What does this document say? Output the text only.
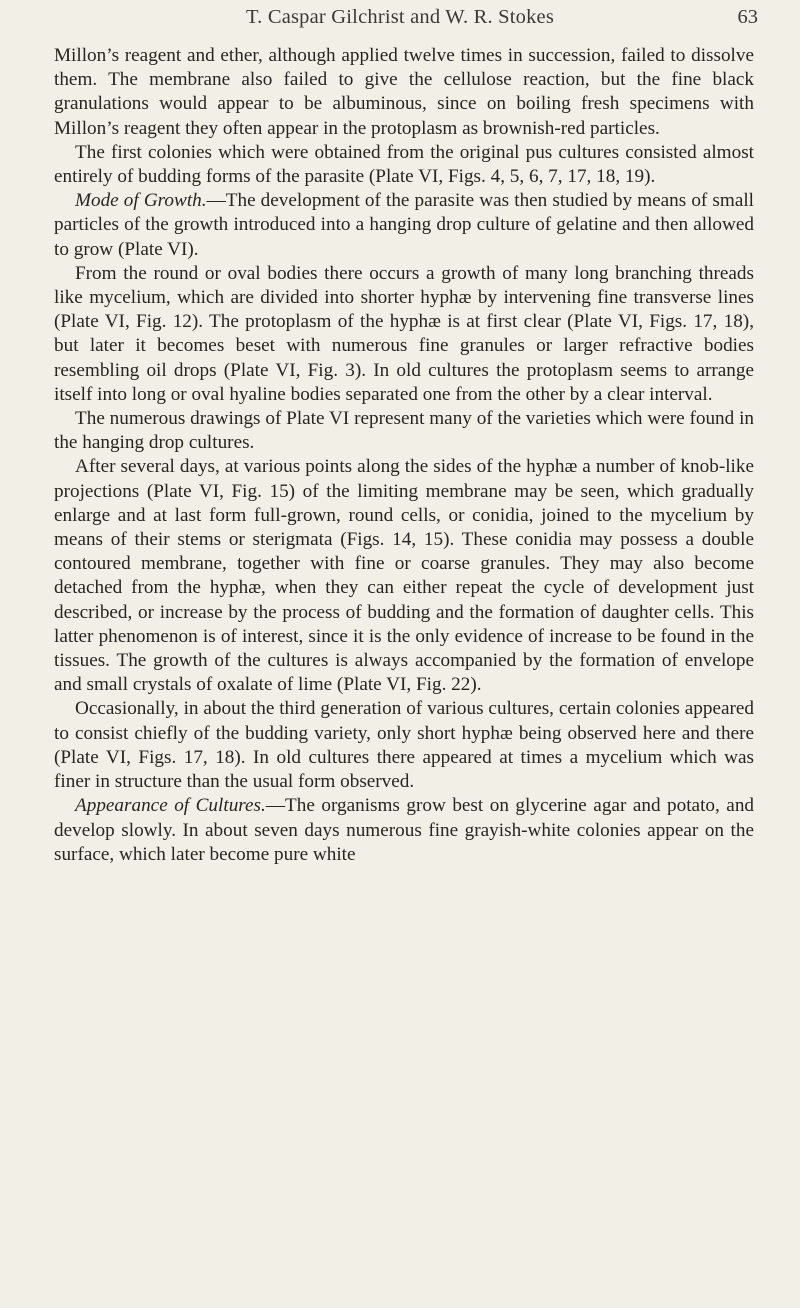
T. Caspar Gilchrist and W. R. Stokes	63

Millon’s reagent and ether, although applied twelve times in succession, failed to dissolve them. The membrane also failed to give the cellulose reaction, but the fine black granulations would appear to be albuminous, since on boiling fresh specimens with Millon’s reagent they often appear in the protoplasm as brownish-red particles.

The first colonies which were obtained from the original pus cultures consisted almost entirely of budding forms of the parasite (Plate VI, Figs. 4, 5, 6, 7, 17, 18, 19).

Mode of Growth.—The development of the parasite was then studied by means of small particles of the growth introduced into a hanging drop culture of gelatine and then allowed to grow (Plate VI).

From the round or oval bodies there occurs a growth of many long branching threads like mycelium, which are divided into shorter hyphæ by intervening fine transverse lines (Plate VI, Fig. 12). The protoplasm of the hyphæ is at first clear (Plate VI, Figs. 17, 18), but later it becomes beset with numerous fine granules or larger refractive bodies resembling oil drops (Plate VI, Fig. 3). In old cultures the protoplasm seems to arrange itself into long or oval hyaline bodies separated one from the other by a clear interval.

The numerous drawings of Plate VI represent many of the varieties which were found in the hanging drop cultures.

After several days, at various points along the sides of the hyphæ a number of knob-like projections (Plate VI, Fig. 15) of the limiting membrane may be seen, which gradually enlarge and at last form full-grown, round cells, or conidia, joined to the mycelium by means of their stems or sterigmata (Figs. 14, 15). These conidia may possess a double contoured membrane, together with fine or coarse granules. They may also become detached from the hyphæ, when they can either repeat the cycle of development just described, or increase by the process of budding and the formation of daughter cells. This latter phenomenon is of interest, since it is the only evidence of increase to be found in the tissues. The growth of the cultures is always accompanied by the formation of envelope and small crystals of oxalate of lime (Plate VI, Fig. 22).

Occasionally, in about the third generation of various cultures, certain colonies appeared to consist chiefly of the budding variety, only short hyphæ being observed here and there (Plate VI, Figs. 17, 18). In old cultures there appeared at times a mycelium which was finer in structure than the usual form observed.

Appearance of Cultures.—The organisms grow best on glycerine agar and potato, and develop slowly. In about seven days numerous fine grayish-white colonies appear on the surface, which later become pure white
